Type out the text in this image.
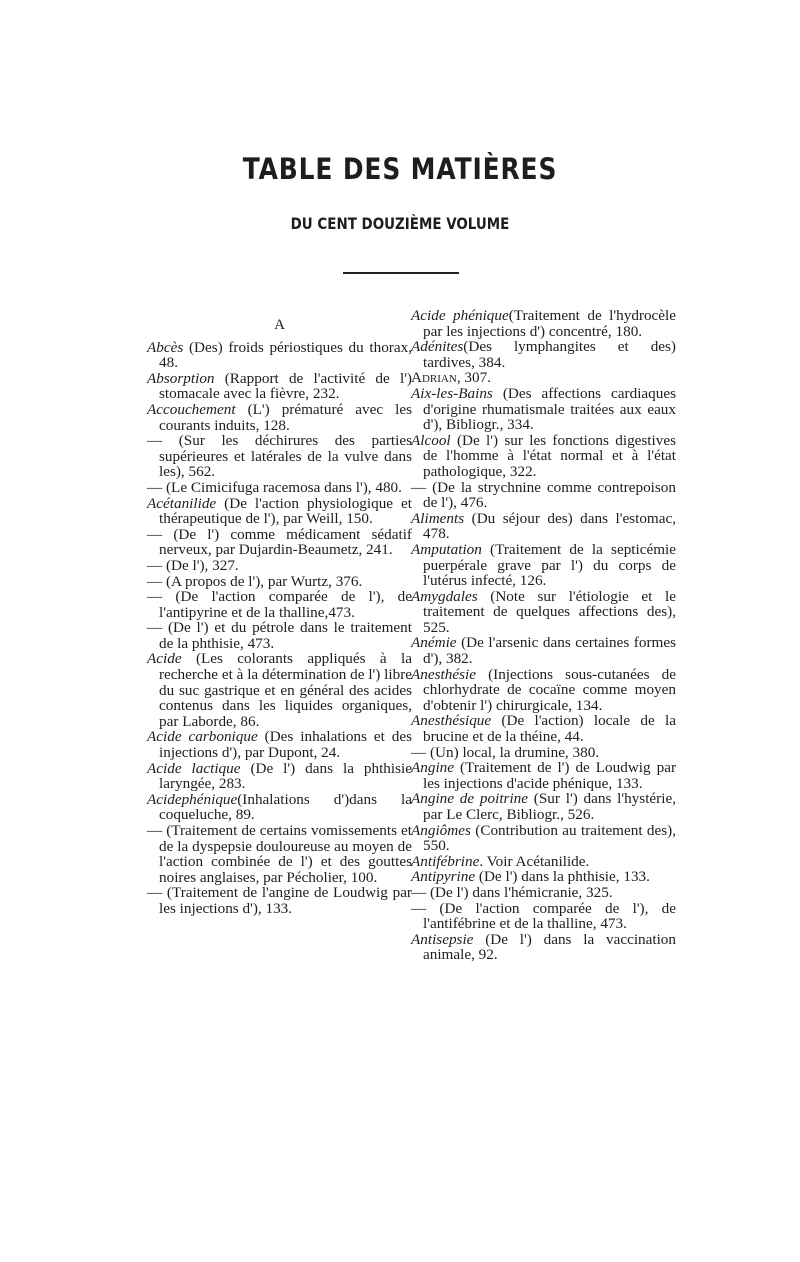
TABLE DES MATIÈRES
DU CENT DOUZIÈME VOLUME
A
Abcès (Des) froids périostiques du thorax, 48.
Absorption (Rapport de l'activité de l') stomacale avec la fièvre, 232.
Accouchement (L') prématuré avec les courants induits, 128.
— (Sur les déchirures des parties supérieures et latérales de la vulve dans les), 562.
— (Le Cimicifuga racemosa dans l'), 480.
Acétanilide (De l'action physiologique et thérapeutique de l'), par Weill, 150.
— (De l') comme médicament sédatif nerveux, par Dujardin-Beaumetz, 241.
— (De l'), 327.
— (A propos de l'), par Wurtz, 376.
— (De l'action comparée de l'), de l'antipyrine et de la thalline,473.
— (De l') et du pétrole dans le traitement de la phthisie, 473.
Acide (Les colorants appliqués à la recherche et à la détermination de l') libre du suc gastrique et en général des acides contenus dans les liquides organiques, par Laborde, 86.
Acide carbonique (Des inhalations et des injections d'), par Dupont, 24.
Acide lactique (De l') dans la phthisie laryngée, 283.
Acidephénique(Inhalations d')dans la coqueluche, 89.
— (Traitement de certains vomissements et de la dyspepsie douloureuse au moyen de l'action combinée de l') et des gouttes noires anglaises, par Pécholier, 100.
— (Traitement de l'angine de Loudwig par les injections d'), 133.
Acide phénique(Traitement de l'hydrocèle par les injections d') concentré, 180.
Adénites(Des lymphangites et des) tardives, 384.
Adrian, 307.
Aix-les-Bains (Des affections cardiaques d'origine rhumatismale traitées aux eaux d'), Bibliogr., 334.
Alcool (De l') sur les fonctions digestives de l'homme à l'état normal et à l'état pathologique, 322.
— (De la strychnine comme contrepoison de l'), 476.
Aliments (Du séjour des) dans l'estomac, 478.
Amputation (Traitement de la septicémie puerpérale grave par l') du corps de l'utérus infecté, 126.
Amygdales (Note sur l'étiologie et le traitement de quelques affections des), 525.
Anémie (De l'arsenic dans certaines formes d'), 382.
Anesthésie (Injections sous-cutanées de chlorhydrate de cocaïne comme moyen d'obtenir l') chirurgicale, 134.
Anesthésique (De l'action) locale de la brucine et de la théine, 44.
— (Un) local, la drumine, 380.
Angine (Traitement de l') de Loudwig par les injections d'acide phénique, 133.
Angine de poitrine (Sur l') dans l'hystérie, par Le Clerc, Bibliogr., 526.
Angiômes (Contribution au traitement des), 550.
Antifébrine. Voir Acétanilide.
Antipyrine (De l') dans la phthisie, 133.
— (De l') dans l'hémicranie, 325.
— (De l'action comparée de l'), de l'antifébrine et de la thalline, 473.
Antisepsie (De l') dans la vaccination animale, 92.
